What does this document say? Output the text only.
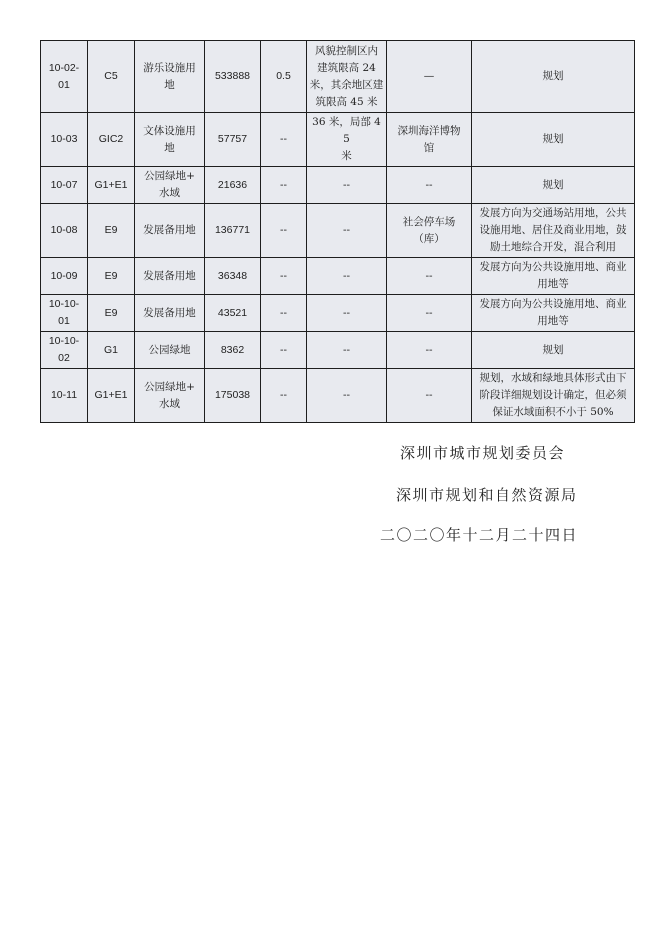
10-02-
01	C5	游乐设施用
地	533888	0.5	风貌控制区内
建筑限高 24
米，其余地区建
筑限高 45 米	—	规划
10-03	GIC2	文体设施用
地	57757	--	36 米，局部 45
米	深圳海洋博物
馆	规划
10-07	G1+E1	公园绿地+
水域	21636	--	--	--	规划
10-08	E9	发展备用地	136771	--	--	社会停车场
（库）	发展方向为交通场站用地，公共
设施用地、居住及商业用地，鼓
励土地综合开发，混合利用
10-09	E9	发展备用地	36348	--	--	--	发展方向为公共设施用地、商业
用地等
10-10-
01	E9	发展备用地	43521	--	--	--	发展方向为公共设施用地、商业
用地等
10-10-
02	G1	公园绿地	8362	--	--	--	规划
10-11	G1+E1	公园绿地+
水域	175038	--	--	--	规划，水域和绿地具体形式由下
阶段详细规划设计确定，但必须
保证水域面积不小于 50%
深圳市城市规划委员会
深圳市规划和自然资源局
二〇二〇年十二月二十四日
